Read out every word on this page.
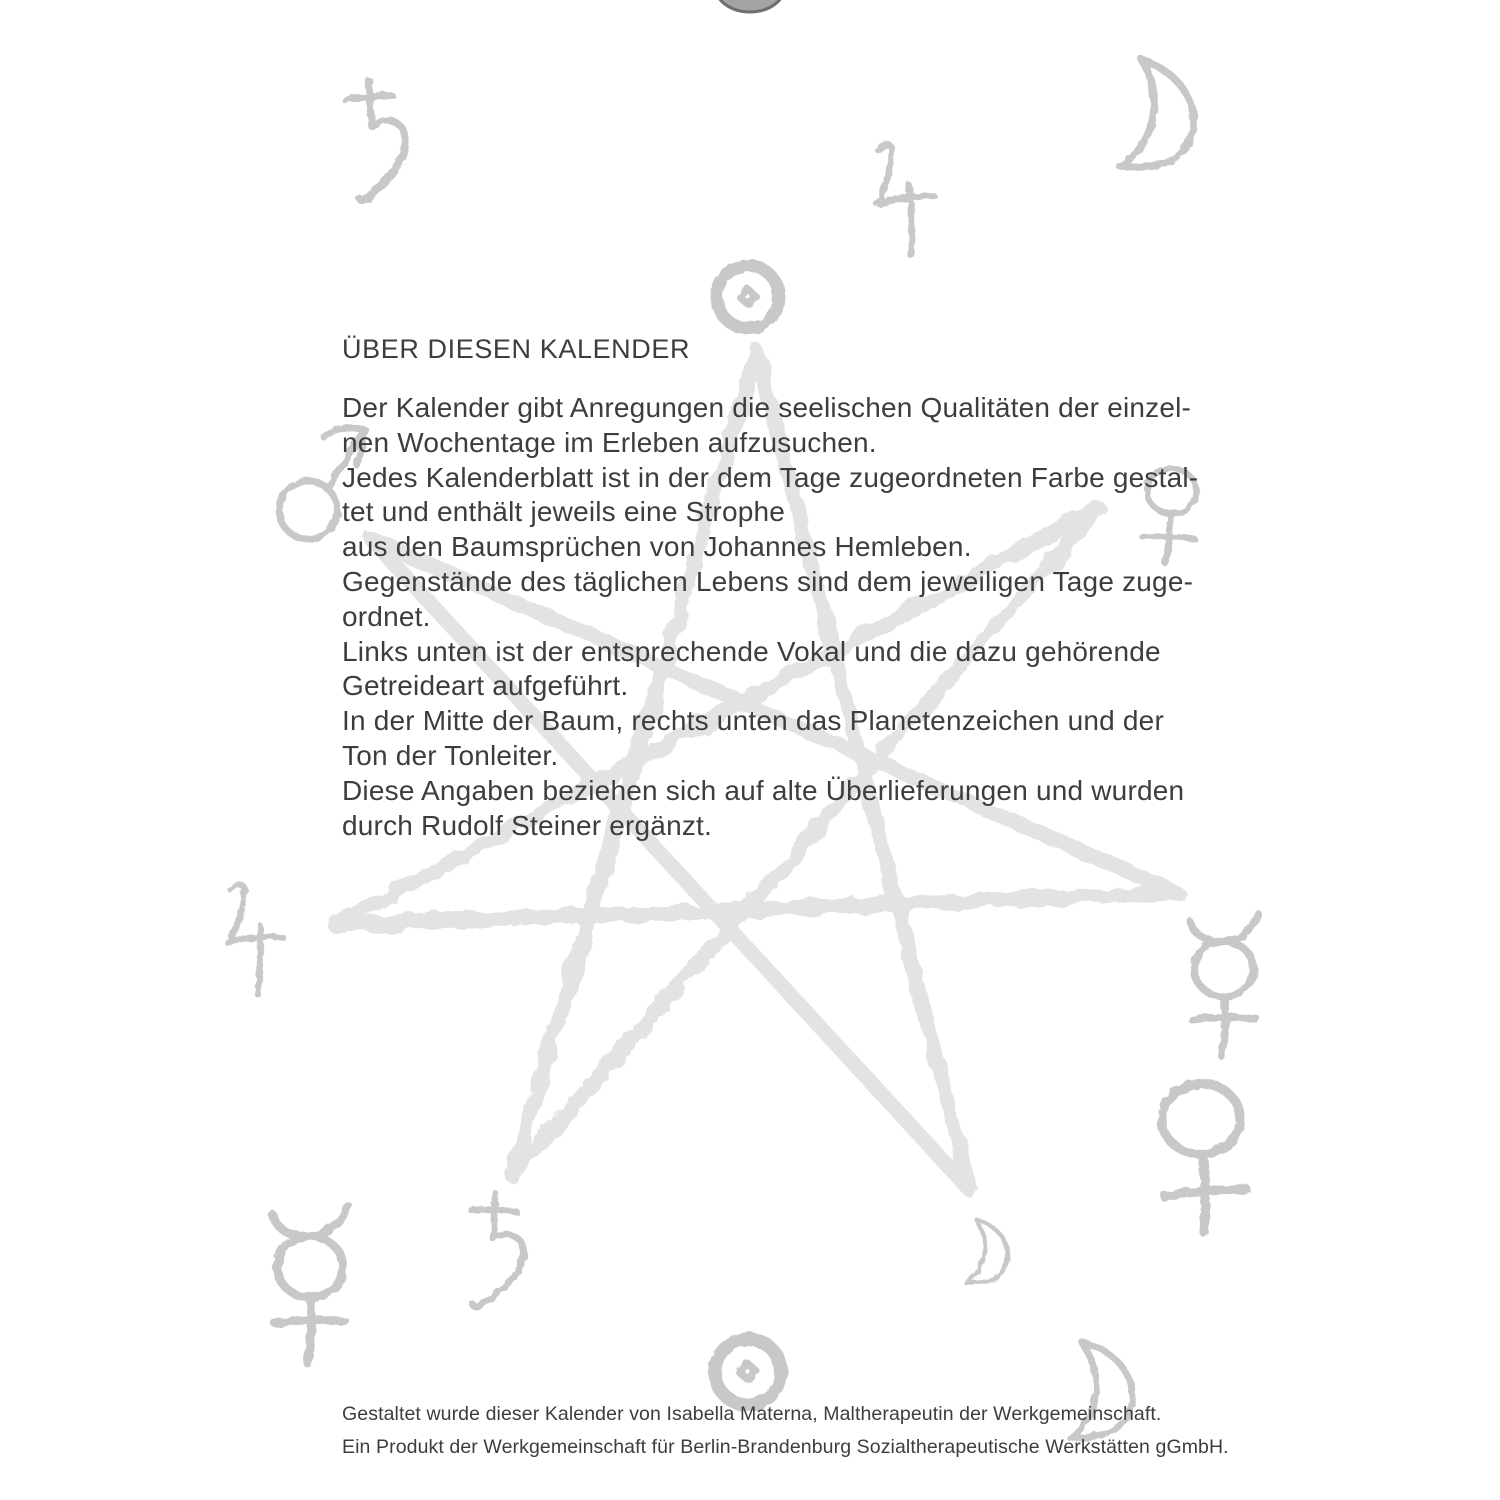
ÜBER DIESEN KALENDER
Der Kalender gibt Anregungen die seelischen Qualitäten der einzel-
nen Wochentage im Erleben aufzusuchen.
Jedes Kalenderblatt ist in der dem Tage zugeordneten Farbe gestal-
tet und enthält jeweils eine Strophe
aus den Baumsprüchen von Johannes Hemleben.
Gegenstände des täglichen Lebens sind dem jeweiligen Tage zuge-
ordnet.
Links unten ist der entsprechende Vokal und die dazu gehörende
Getreideart aufgeführt.
In der Mitte der Baum, rechts unten das Planetenzeichen und der
Ton der Tonleiter.
Diese Angaben beziehen sich auf alte Überlieferungen und wurden
durch Rudolf Steiner ergänzt.
Gestaltet wurde dieser Kalender von Isabella Materna, Maltherapeutin der Werkgemeinschaft.
Ein Produkt der Werkgemeinschaft für Berlin-Brandenburg Sozialtherapeutische Werkstätten gGmbH.
